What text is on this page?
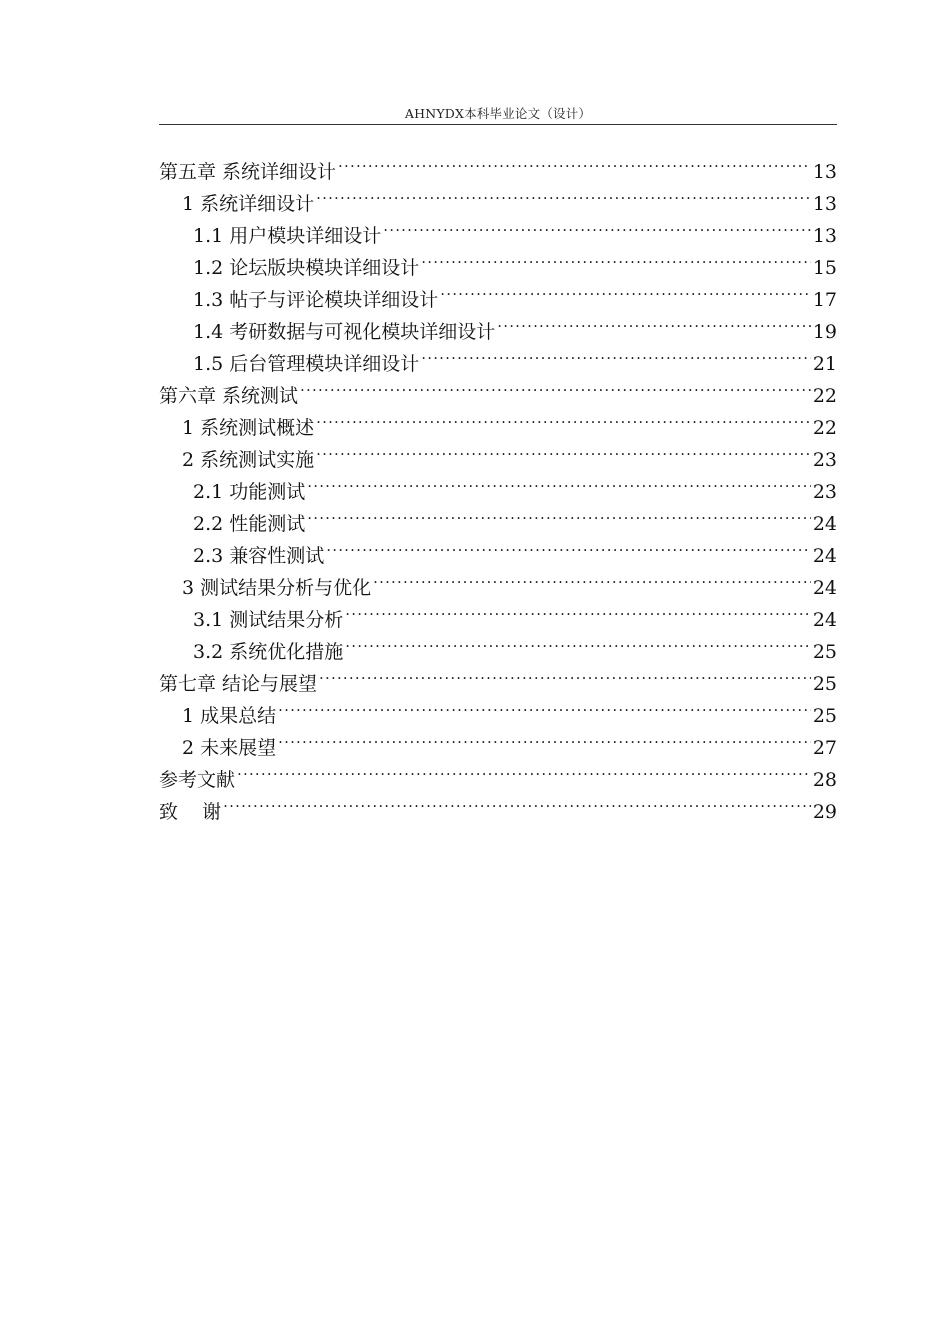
AHNYDX本科毕业论文（设计）
第五章 系统详细设计 .....	13
1 系统详细设计 .....	13
1.1 用户模块详细设计 .....	13
1.2 论坛版块模块详细设计 .....	15
1.3 帖子与评论模块详细设计 .....	17
1.4 考研数据与可视化模块详细设计 .....	19
1.5 后台管理模块详细设计 .....	21
第六章 系统测试 .....	22
1 系统测试概述 .....	22
2 系统测试实施 .....	23
2.1 功能测试 .....	23
2.2 性能测试 .....	24
2.3 兼容性测试 .....	24
3 测试结果分析与优化 .....	24
3.1 测试结果分析 .....	24
3.2 系统优化措施 .....	25
第七章 结论与展望 .....	25
1 成果总结 .....	25
2 未来展望 .....	27
参考文献 .....	28
致    谢 .....	29
